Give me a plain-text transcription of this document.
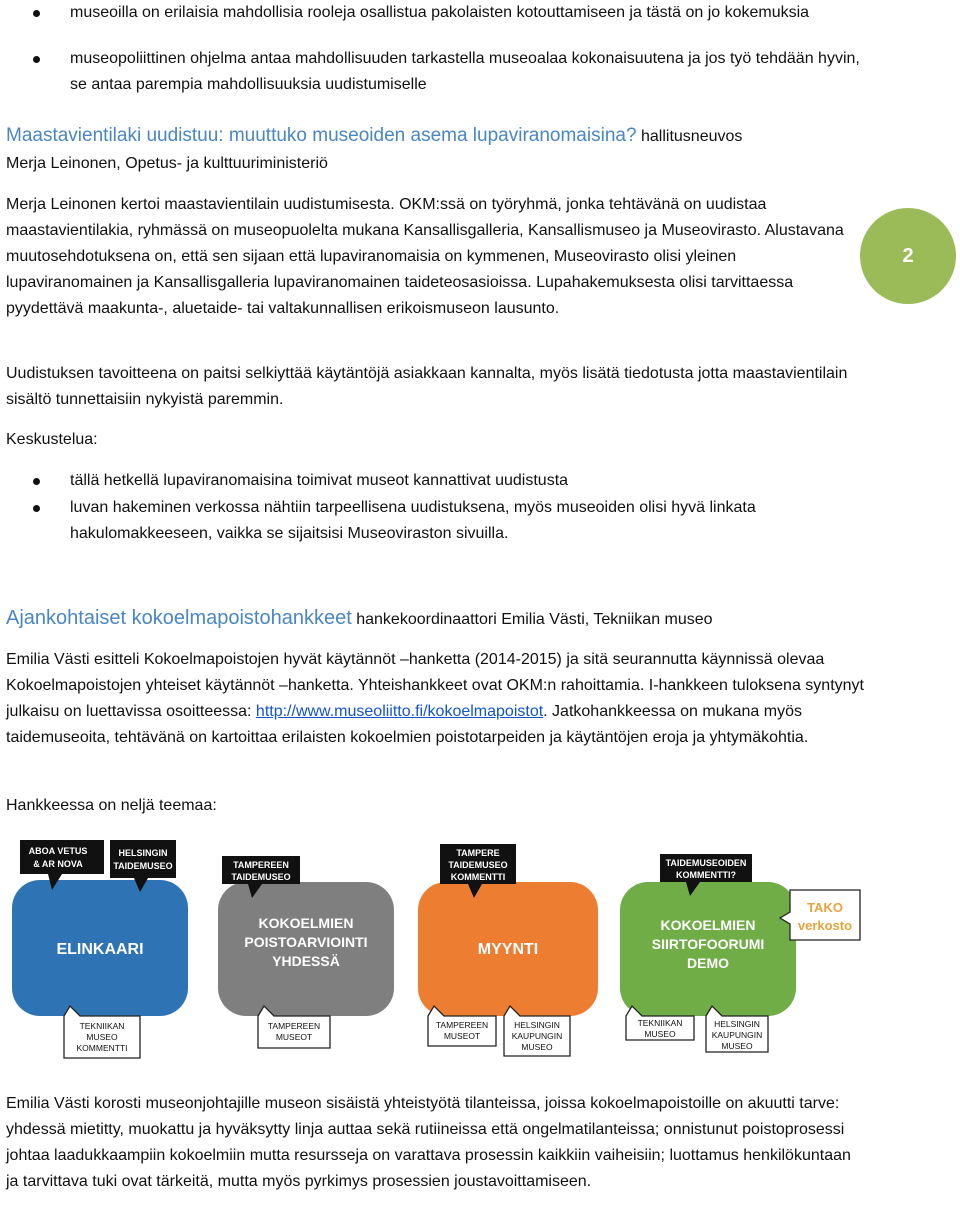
museoilla on erilaisia mahdollisia rooleja osallistua pakolaisten kotouttamiseen ja tästä on jo kokemuksia

museopoliittinen ohjelma antaa mahdollisuuden tarkastella museoalaa kokonaisuutena ja jos työ tehdään hyvin, se antaa parempia mahdollisuuksia uudistumiselle

Maastavientilaki uudistuu: muuttuko museoiden asema lupaviranomaisina? hallitusneuvos

Merja Leinonen, Opetus- ja kulttuuriministeriö

Merja Leinonen kertoi maastavientilain uudistumisesta. OKM:ssä on työryhmä, jonka tehtävänä on uudistaa maastavientilakia, ryhmässä on museopuolelta mukana Kansallisgalleria, Kansallismuseo ja Museovirasto. Alustavana muutosehdotuksena on, että sen sijaan että lupaviranomaisia on kymmenen, Museovirasto olisi yleinen lupaviranomainen ja Kansallisgalleria lupaviranomainen taideteosasioissa. Lupahakemuksesta olisi tarvittaessa pyydettävä maakunta-, aluetaide- tai valtakunnallisen erikoismuseon lausunto.

2

Uudistuksen tavoitteena on paitsi selkiyttää käytäntöjä asiakkaan kannalta, myös lisätä tiedotusta jotta maastavientilain sisältö tunnettaisiin nykyistä paremmin.

Keskustelua:

tällä hetkellä lupaviranomaisina toimivat museot kannattivat uudistusta

luvan hakeminen verkossa nähtiin tarpeellisena uudistuksena, myös museoiden olisi hyvä linkata hakulomakkeeseen, vaikka se sijaitsisi Museoviraston sivuilla.

Ajankohtaiset kokoelmapoistohankkeet hankekoordinaattori Emilia Västi, Tekniikan museo

Emilia Västi esitteli Kokoelmapoistojen hyvät käytännöt –hanketta (2014-2015) ja sitä seurannutta käynnissä olevaa Kokoelmapoistojen yhteiset käytännöt –hanketta. Yhteishankkeet ovat OKM:n rahoittamia. I-hankkeen tuloksena syntynyt julkaisu on luettavissa osoitteessa: http://www.museoliitto.fi/kokoelmapoistot. Jatkohankkeessa on mukana myös taidemuseoita, tehtävänä on kartoittaa erilaisten kokoelmien poistotarpeiden ja käytäntöjen eroja ja yhtymäkohtia.

Hankkeessa on neljä teemaa:

ELINKAARI
ABOA VETUS
& AR NOVA
HELSINGIN
TAIDEMUSEO
TEKNIIKAN
MUSEO
KOMMENTTI
KOKOELMIEN
POISTOARVIOINTI
YHDESSÄ
TAMPEREEN
TAIDEMUSEO
TAMPEREEN
MUSEOT
MYYNTI
TAMPERE
TAIDEMUSEO
KOMMENTTI
TAMPEREEN
MUSEOT
HELSINGIN
KAUPUNGIN
MUSEO
KOKOELMIEN
SIIRTOFOORUMI
DEMO
TAIDEMUSEOIDEN
KOMMENTTI?
TEKNIIKAN
MUSEO
HELSINGIN
KAUPUNGIN
MUSEO
TAKO
verkosto

Emilia Västi korosti museonjohtajille museon sisäistä yhteistyötä tilanteissa, joissa kokoelmapoistoille on akuutti tarve: yhdessä mietitty, muokattu ja hyväksytty linja auttaa sekä rutiineissa että ongelmatilanteissa; onnistunut poistoprosessi johtaa laadukkaampiin kokoelmiin mutta resursseja on varattava prosessin kaikkiin vaiheisiin; luottamus henkilökuntaan ja tarvittava tuki ovat tärkeitä, mutta myös pyrkimys prosessien joustavoittamiseen.
